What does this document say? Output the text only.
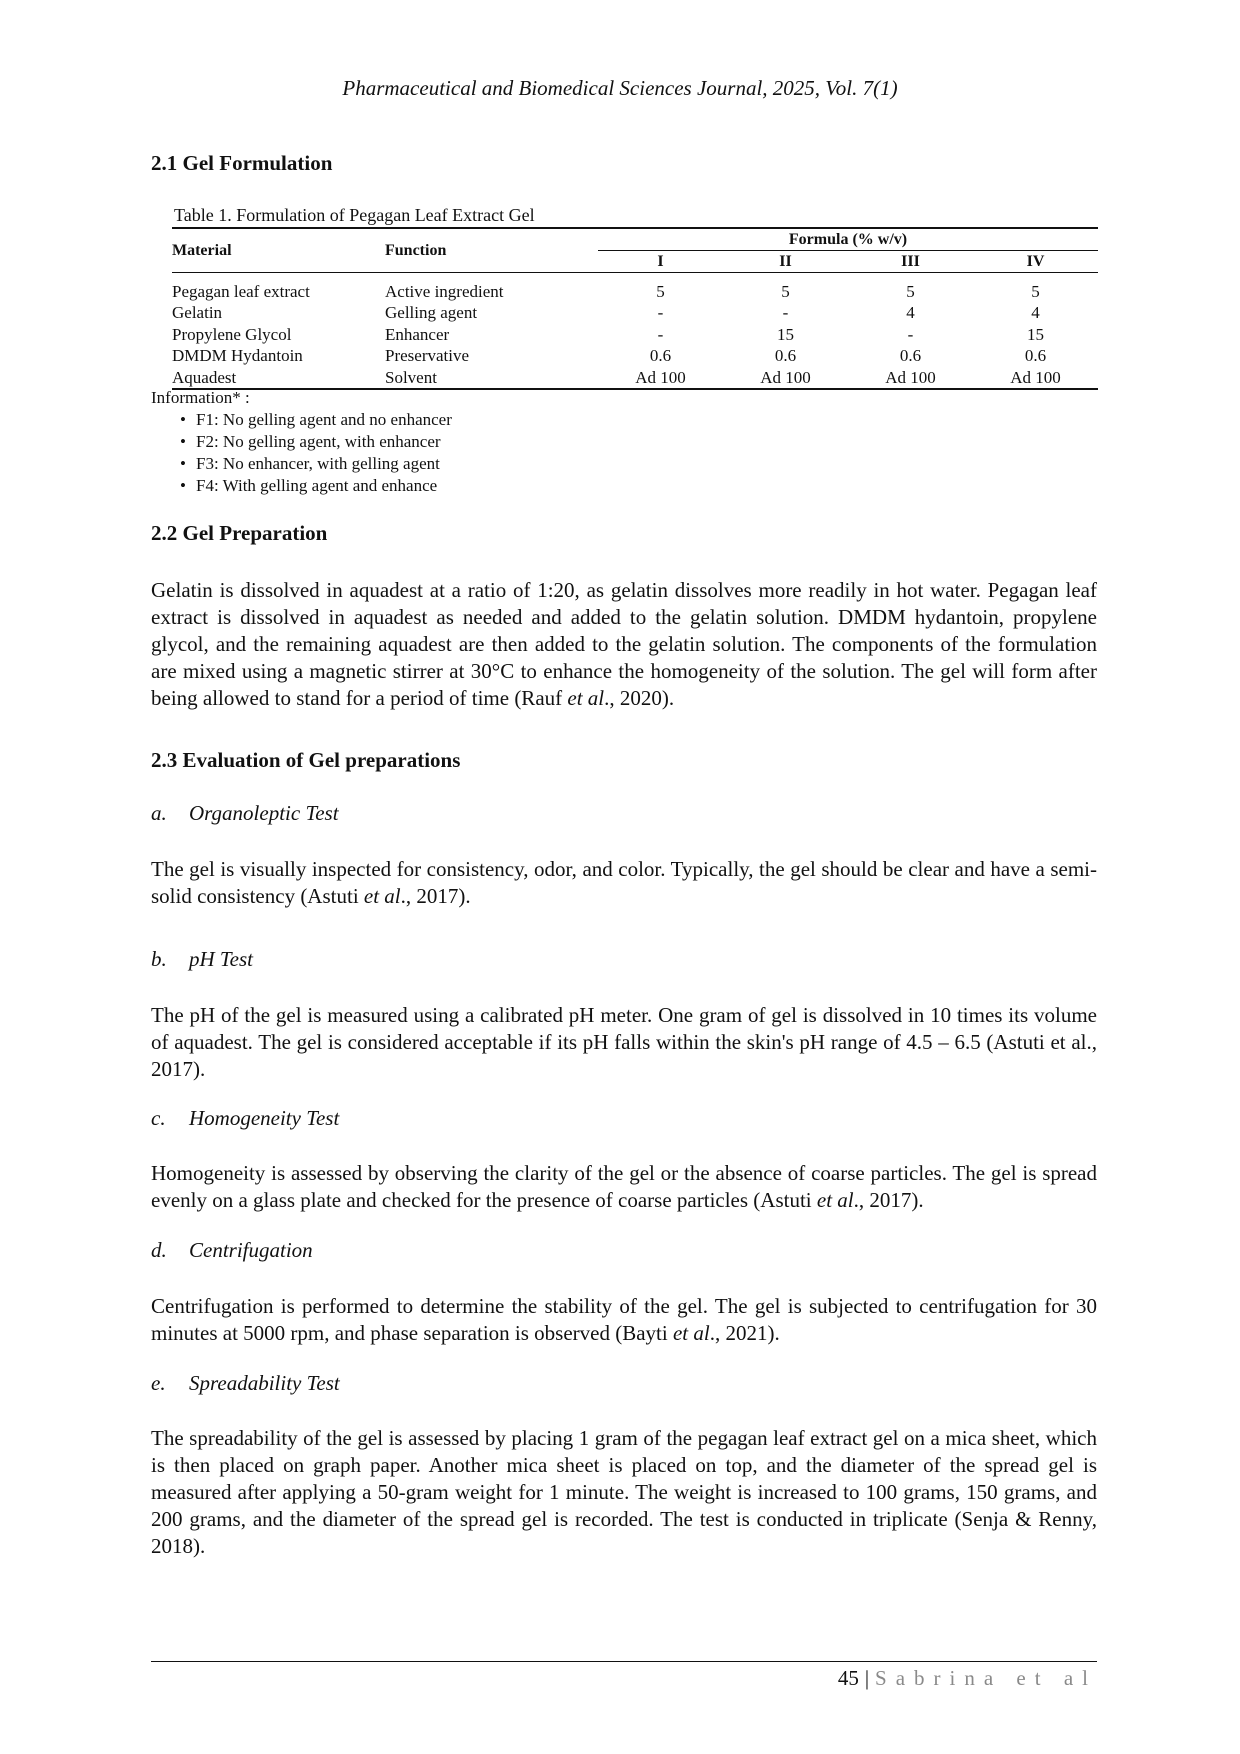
Pharmaceutical and Biomedical Sciences Journal, 2025, Vol. 7(1)
2.1 Gel Formulation
Table 1. Formulation of Pegagan Leaf Extract Gel
Material	Function	Formula (% w/v)			
		I	II	III	IV

Pegagan leaf extract	Active ingredient	5	5	5	5
Gelatin	Gelling agent	-	-	4	4
Propylene Glycol	Enhancer	-	15	-	15
DMDM Hydantoin	Preservative	0.6	0.6	0.6	0.6
Aquadest	Solvent	Ad 100	Ad 100	Ad 100	Ad 100
Information* :
• F1: No gelling agent and no enhancer
• F2: No gelling agent, with enhancer
• F3: No enhancer, with gelling agent
• F4: With gelling agent and enhance
2.2 Gel Preparation

Gelatin is dissolved in aquadest at a ratio of 1:20, as gelatin dissolves more readily in hot water. Pegagan leaf extract is dissolved in aquadest as needed and added to the gelatin solution. DMDM hydantoin, propylene glycol, and the remaining aquadest are then added to the gelatin solution. The components of the formulation are mixed using a magnetic stirrer at 30°C to enhance the homogeneity of the solution. The gel will form after being allowed to stand for a period of time (Rauf et al., 2020).

2.3 Evaluation of Gel preparations
a. Organoleptic Test

The gel is visually inspected for consistency, odor, and color. Typically, the gel should be clear and have a semi-solid consistency (Astuti et al., 2017).

b. pH Test

The pH of the gel is measured using a calibrated pH meter. One gram of gel is dissolved in 10 times its volume of aquadest. The gel is considered acceptable if its pH falls within the skin's pH range of 4.5 – 6.5 (Astuti et al., 2017).

c. Homogeneity Test

Homogeneity is assessed by observing the clarity of the gel or the absence of coarse particles. The gel is spread evenly on a glass plate and checked for the presence of coarse particles (Astuti et al., 2017).

d. Centrifugation

Centrifugation is performed to determine the stability of the gel. The gel is subjected to centrifugation for 30 minutes at 5000 rpm, and phase separation is observed (Bayti et al., 2021).

e. Spreadability Test

The spreadability of the gel is assessed by placing 1 gram of the pegagan leaf extract gel on a mica sheet, which is then placed on graph paper. Another mica sheet is placed on top, and the diameter of the spread gel is measured after applying a 50-gram weight for 1 minute. The weight is increased to 100 grams, 150 grams, and 200 grams, and the diameter of the spread gel is recorded. The test is conducted in triplicate (Senja & Renny, 2018).

45 | Sabrina et al
